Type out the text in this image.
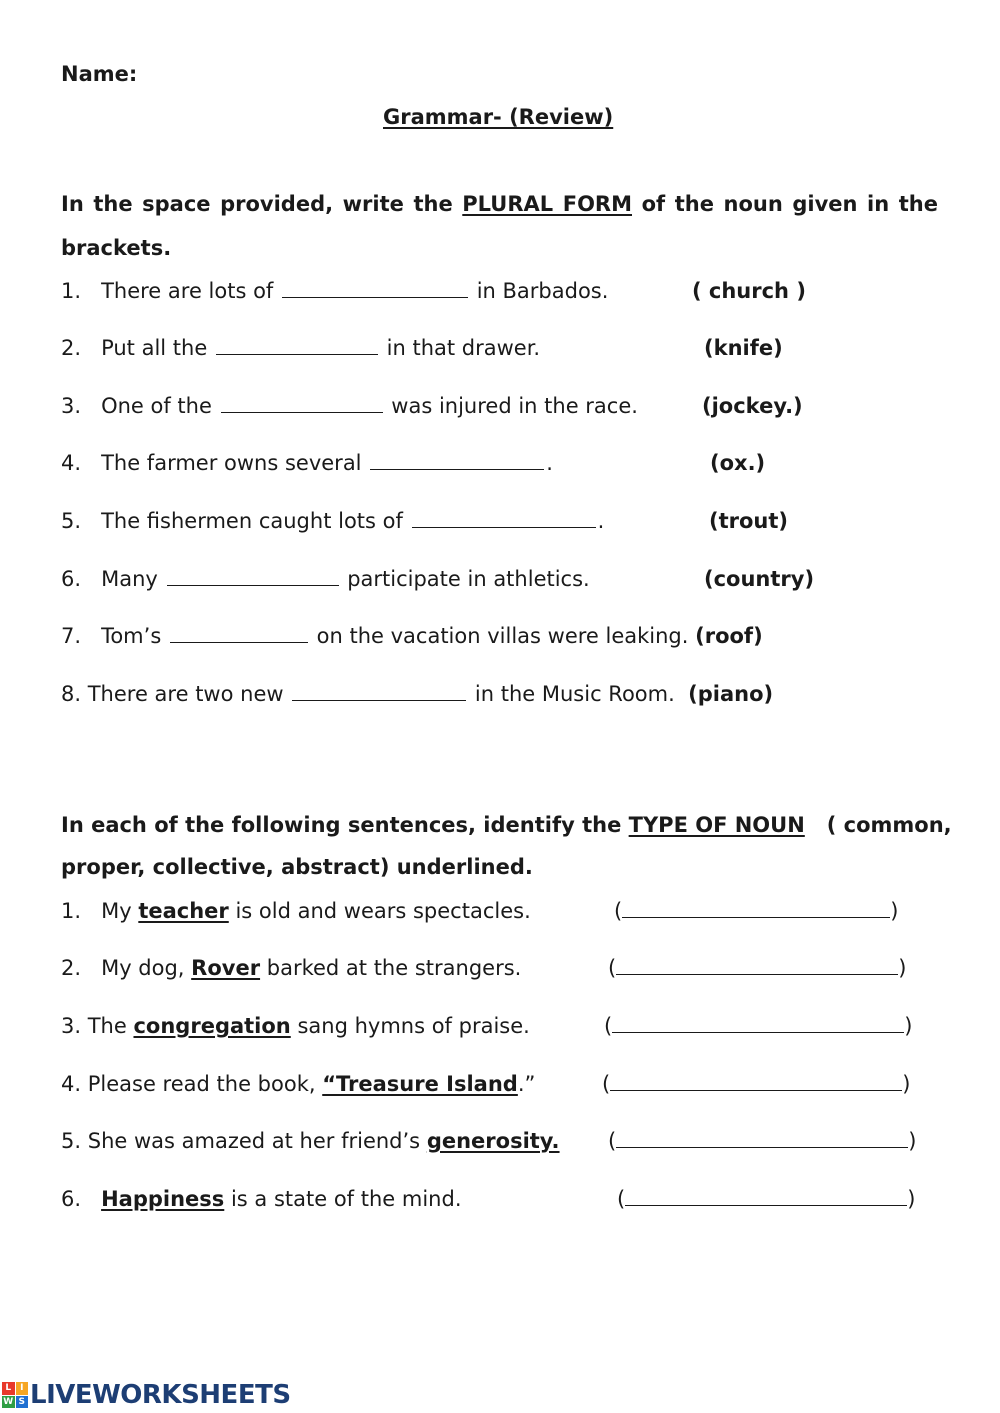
Name:
Grammar- (Review)
In the space provided, write the PLURAL FORM of the noun given in the
brackets.
1. There are lots of	in Barbados.	( church )
2. Put all the	in that drawer.	(knife)
3. One of the	was injured in the race.	(jockey.)
4. The farmer owns several	.	(ox.)
5. The fishermen caught lots of	.	(trout)
6. Many	participate in athletics.	(country)
7. Tom’s	on the vacation villas were leaking. (roof)
8. There are two new	in the Music Room. (piano)
In each of the following sentences, identify the TYPE OF NOUN ( common,
proper, collective, abstract) underlined.
1. My teacher is old and wears spectacles.	(	)
2. My dog, Rover barked at the strangers.	(	)
3. The congregation sang hymns of praise.	(	)
4. Please read the book, “Treasure Island.”	(	)
5. She was amazed at her friend’s generosity. (	)
6. Happiness is a state of the mind.	(	)
L I
W S LIVEWORKSHEETS
